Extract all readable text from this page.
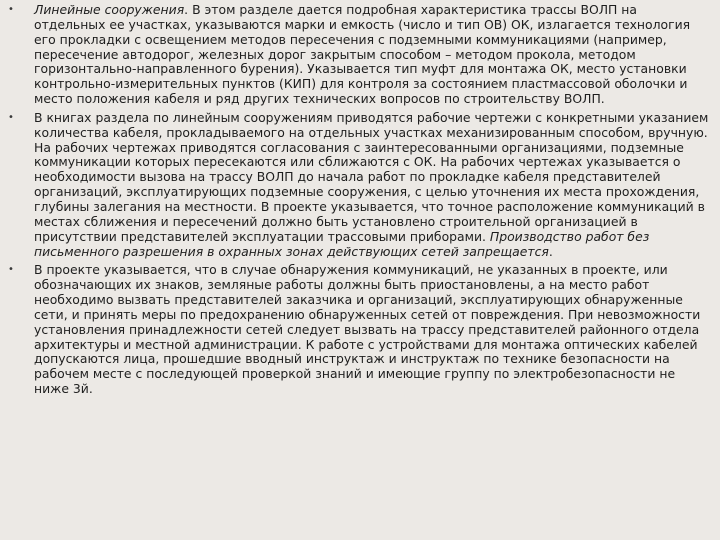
• Линейные сооружения. В этом разделе дается подробная характеристика трассы ВОЛП на отдельных ее участках, указываются марки и емкость (число и тип ОВ) ОК, излагается технология его прокладки с освещением методов пересечения с подземными коммуникациями (например, пересечение автодорог, железных дорог закрытым способом – методом прокола, методом горизонтально-направленного бурения). Указывается тип муфт для монтажа ОК, место установки контрольно-измерительных пунктов (КИП) для контроля за состоянием пластмассовой оболочки и место положения кабеля и ряд других технических вопросов по строительству ВОЛП.
• В книгах раздела по линейным сооружениям приводятся рабочие чертежи с конкретными указанием количества кабеля, прокладываемого на отдельных участках механизированным способом, вручную. На рабочих чертежах приводятся согласования с заинтересованными организациями, подземные коммуникации которых пересекаются или сближаются с ОК. На рабочих чертежах указывается о необходимости вызова на трассу ВОЛП до начала работ по прокладке кабеля представителей организаций, эксплуатирующих подземные сооружения, с целью уточнения их места прохождения, глубины залегания на местности. В проекте указывается, что точное расположение коммуникаций в местах сближения и пересечений должно быть установлено строительной организацией в присутствии представителей эксплуатации трассовыми приборами. Производство работ без письменного разрешения в охранных зонах действующих сетей запрещается.
• В проекте указывается, что в случае обнаружения коммуникаций, не указанных в проекте, или обозначающих их знаков, земляные работы должны быть приостановлены, а на место работ необходимо вызвать представителей заказчика и организаций, эксплуатирующих обнаруженные сети, и принять меры по предохранению обнаруженных сетей от повреждения. При невозможности установления принадлежности сетей следует вызвать на трассу представителей районного отдела архитектуры и местной администрации. К работе с устройствами для монтажа оптических кабелей допускаются лица, прошедшие вводный инструктаж и инструктаж по технике безопасности на рабочем месте с последующей проверкой знаний и имеющие группу по электробезопасности не ниже 3й.
